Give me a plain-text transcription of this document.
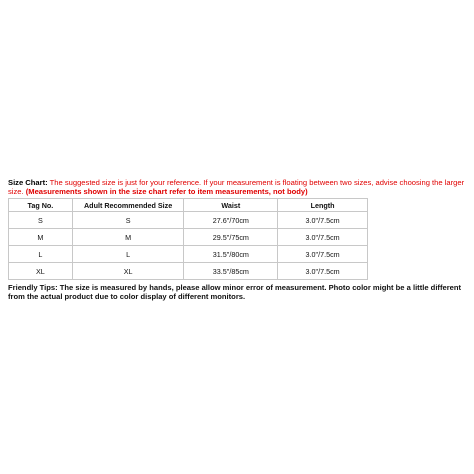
Size Chart: The suggested size is just for your reference. If your measurement is floating between two sizes, advise choosing the larger size. (Measurements shown in the size chart refer to item measurements, not body)
Tag No.	Adult Recommended Size	Waist	Length
S	S	27.6"/70cm	3.0"/7.5cm
M	M	29.5"/75cm	3.0"/7.5cm
L	L	31.5"/80cm	3.0"/7.5cm
XL	XL	33.5"/85cm	3.0"/7.5cm
Friendly Tips: The size is measured by hands, please allow minor error of measurement. Photo color might be a little different from the actual product due to color display of different monitors.
